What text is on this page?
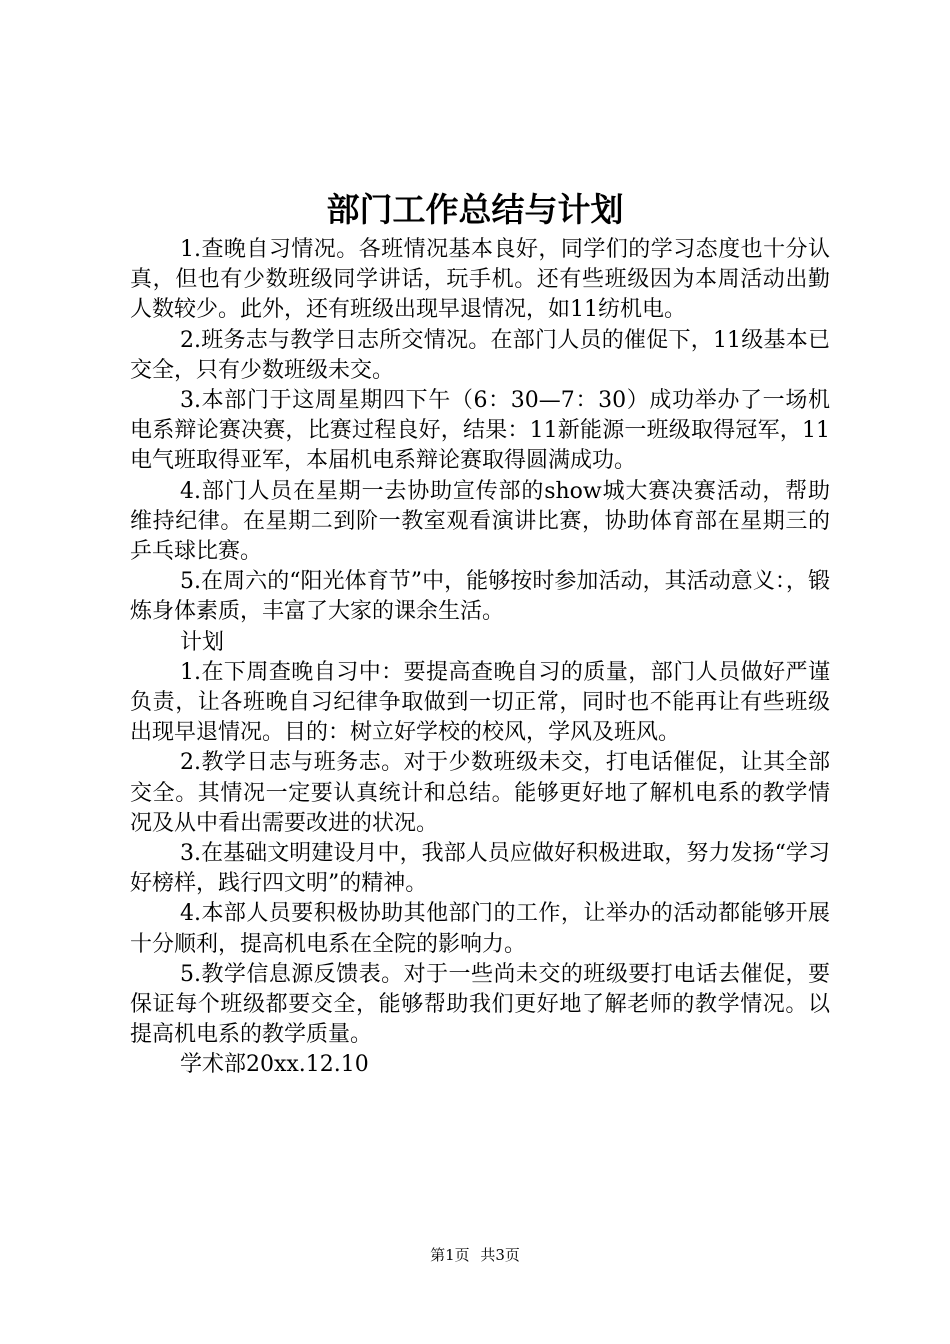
部门工作总结与计划

1.查晚自习情况。各班情况基本良好，同学们的学习态度也十分认真，但也有少数班级同学讲话，玩手机。还有些班级因为本周活动出勤人数较少。此外，还有班级出现早退情况，如11纺机电。

2.班务志与教学日志所交情况。在部门人员的催促下，11级基本已交全，只有少数班级未交。

3.本部门于这周星期四下午（6：30—7：30）成功举办了一场机电系辩论赛决赛，比赛过程良好，结果：11新能源一班级取得冠军，11电气班取得亚军，本届机电系辩论赛取得圆满成功。

4.部门人员在星期一去协助宣传部的show城大赛决赛活动，帮助维持纪律。在星期二到阶一教室观看演讲比赛，协助体育部在星期三的乒乓球比赛。

5.在周六的“阳光体育节”中，能够按时参加活动，其活动意义：，锻炼身体素质，丰富了大家的课余生活。

计划

1.在下周查晚自习中：要提高查晚自习的质量，部门人员做好严谨负责，让各班晚自习纪律争取做到一切正常，同时也不能再让有些班级出现早退情况。目的：树立好学校的校风，学风及班风。

2.教学日志与班务志。对于少数班级未交，打电话催促，让其全部交全。其情况一定要认真统计和总结。能够更好地了解机电系的教学情况及从中看出需要改进的状况。

3.在基础文明建设月中，我部人员应做好积极进取，努力发扬“学习好榜样，践行四文明”的精神。

4.本部人员要积极协助其他部门的工作，让举办的活动都能够开展十分顺利，提高机电系在全院的影响力。

5.教学信息源反馈表。对于一些尚未交的班级要打电话去催促，要保证每个班级都要交全，能够帮助我们更好地了解老师的教学情况。以提高机电系的教学质量。

学术部20xx.12.10

第1页 共3页
